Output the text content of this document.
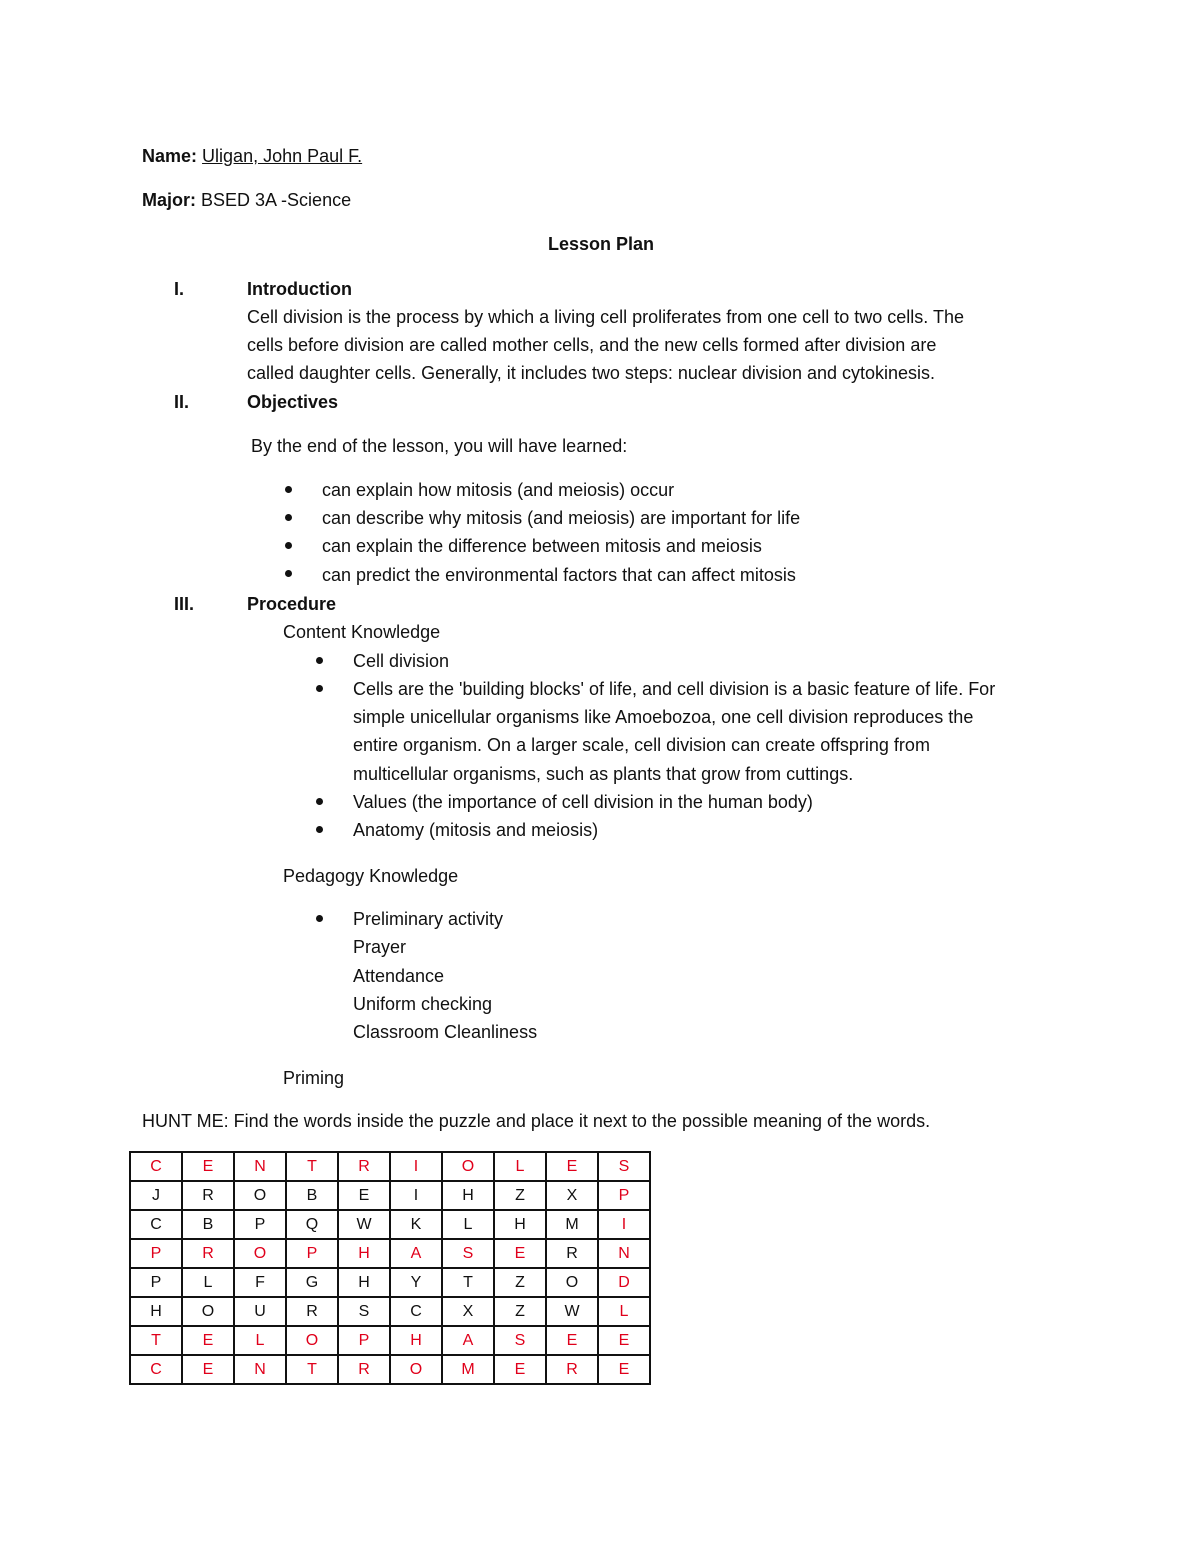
Name: Uligan, John Paul F.
Major: BSED 3A -Science
Lesson Plan
I.	Introduction
Cell division is the process by which a living cell proliferates from one cell to two cells. The
cells before division are called mother cells, and the new cells formed after division are
called daughter cells. Generally, it includes two steps: nuclear division and cytokinesis.
II.	Objectives
By the end of the lesson, you will have learned:
can explain how mitosis (and meiosis) occur
can describe why mitosis (and meiosis) are important for life
can explain the difference between mitosis and meiosis
can predict the environmental factors that can affect mitosis
III.	Procedure
Content Knowledge
Cell division
Cells are the 'building blocks' of life, and cell division is a basic feature of life. For
simple unicellular organisms like Amoebozoa, one cell division reproduces the
entire organism. On a larger scale, cell division can create offspring from
multicellular organisms, such as plants that grow from cuttings.
Values (the importance of cell division in the human body)
Anatomy (mitosis and meiosis)
Pedagogy Knowledge
Preliminary activity
Prayer
Attendance
Uniform checking
Classroom Cleanliness
Priming
HUNT ME: Find the words inside the puzzle and place it next to the possible meaning of the words.
C	E	N	T	R	I	O	L	E	S
J	R	O	B	E	I	H	Z	X	P
C	B	P	Q	W	K	L	H	M	I
P	R	O	P	H	A	S	E	R	N
P	L	F	G	H	Y	T	Z	O	D
H	O	U	R	S	C	X	Z	W	L
T	E	L	O	P	H	A	S	E	E
C	E	N	T	R	O	M	E	R	E
